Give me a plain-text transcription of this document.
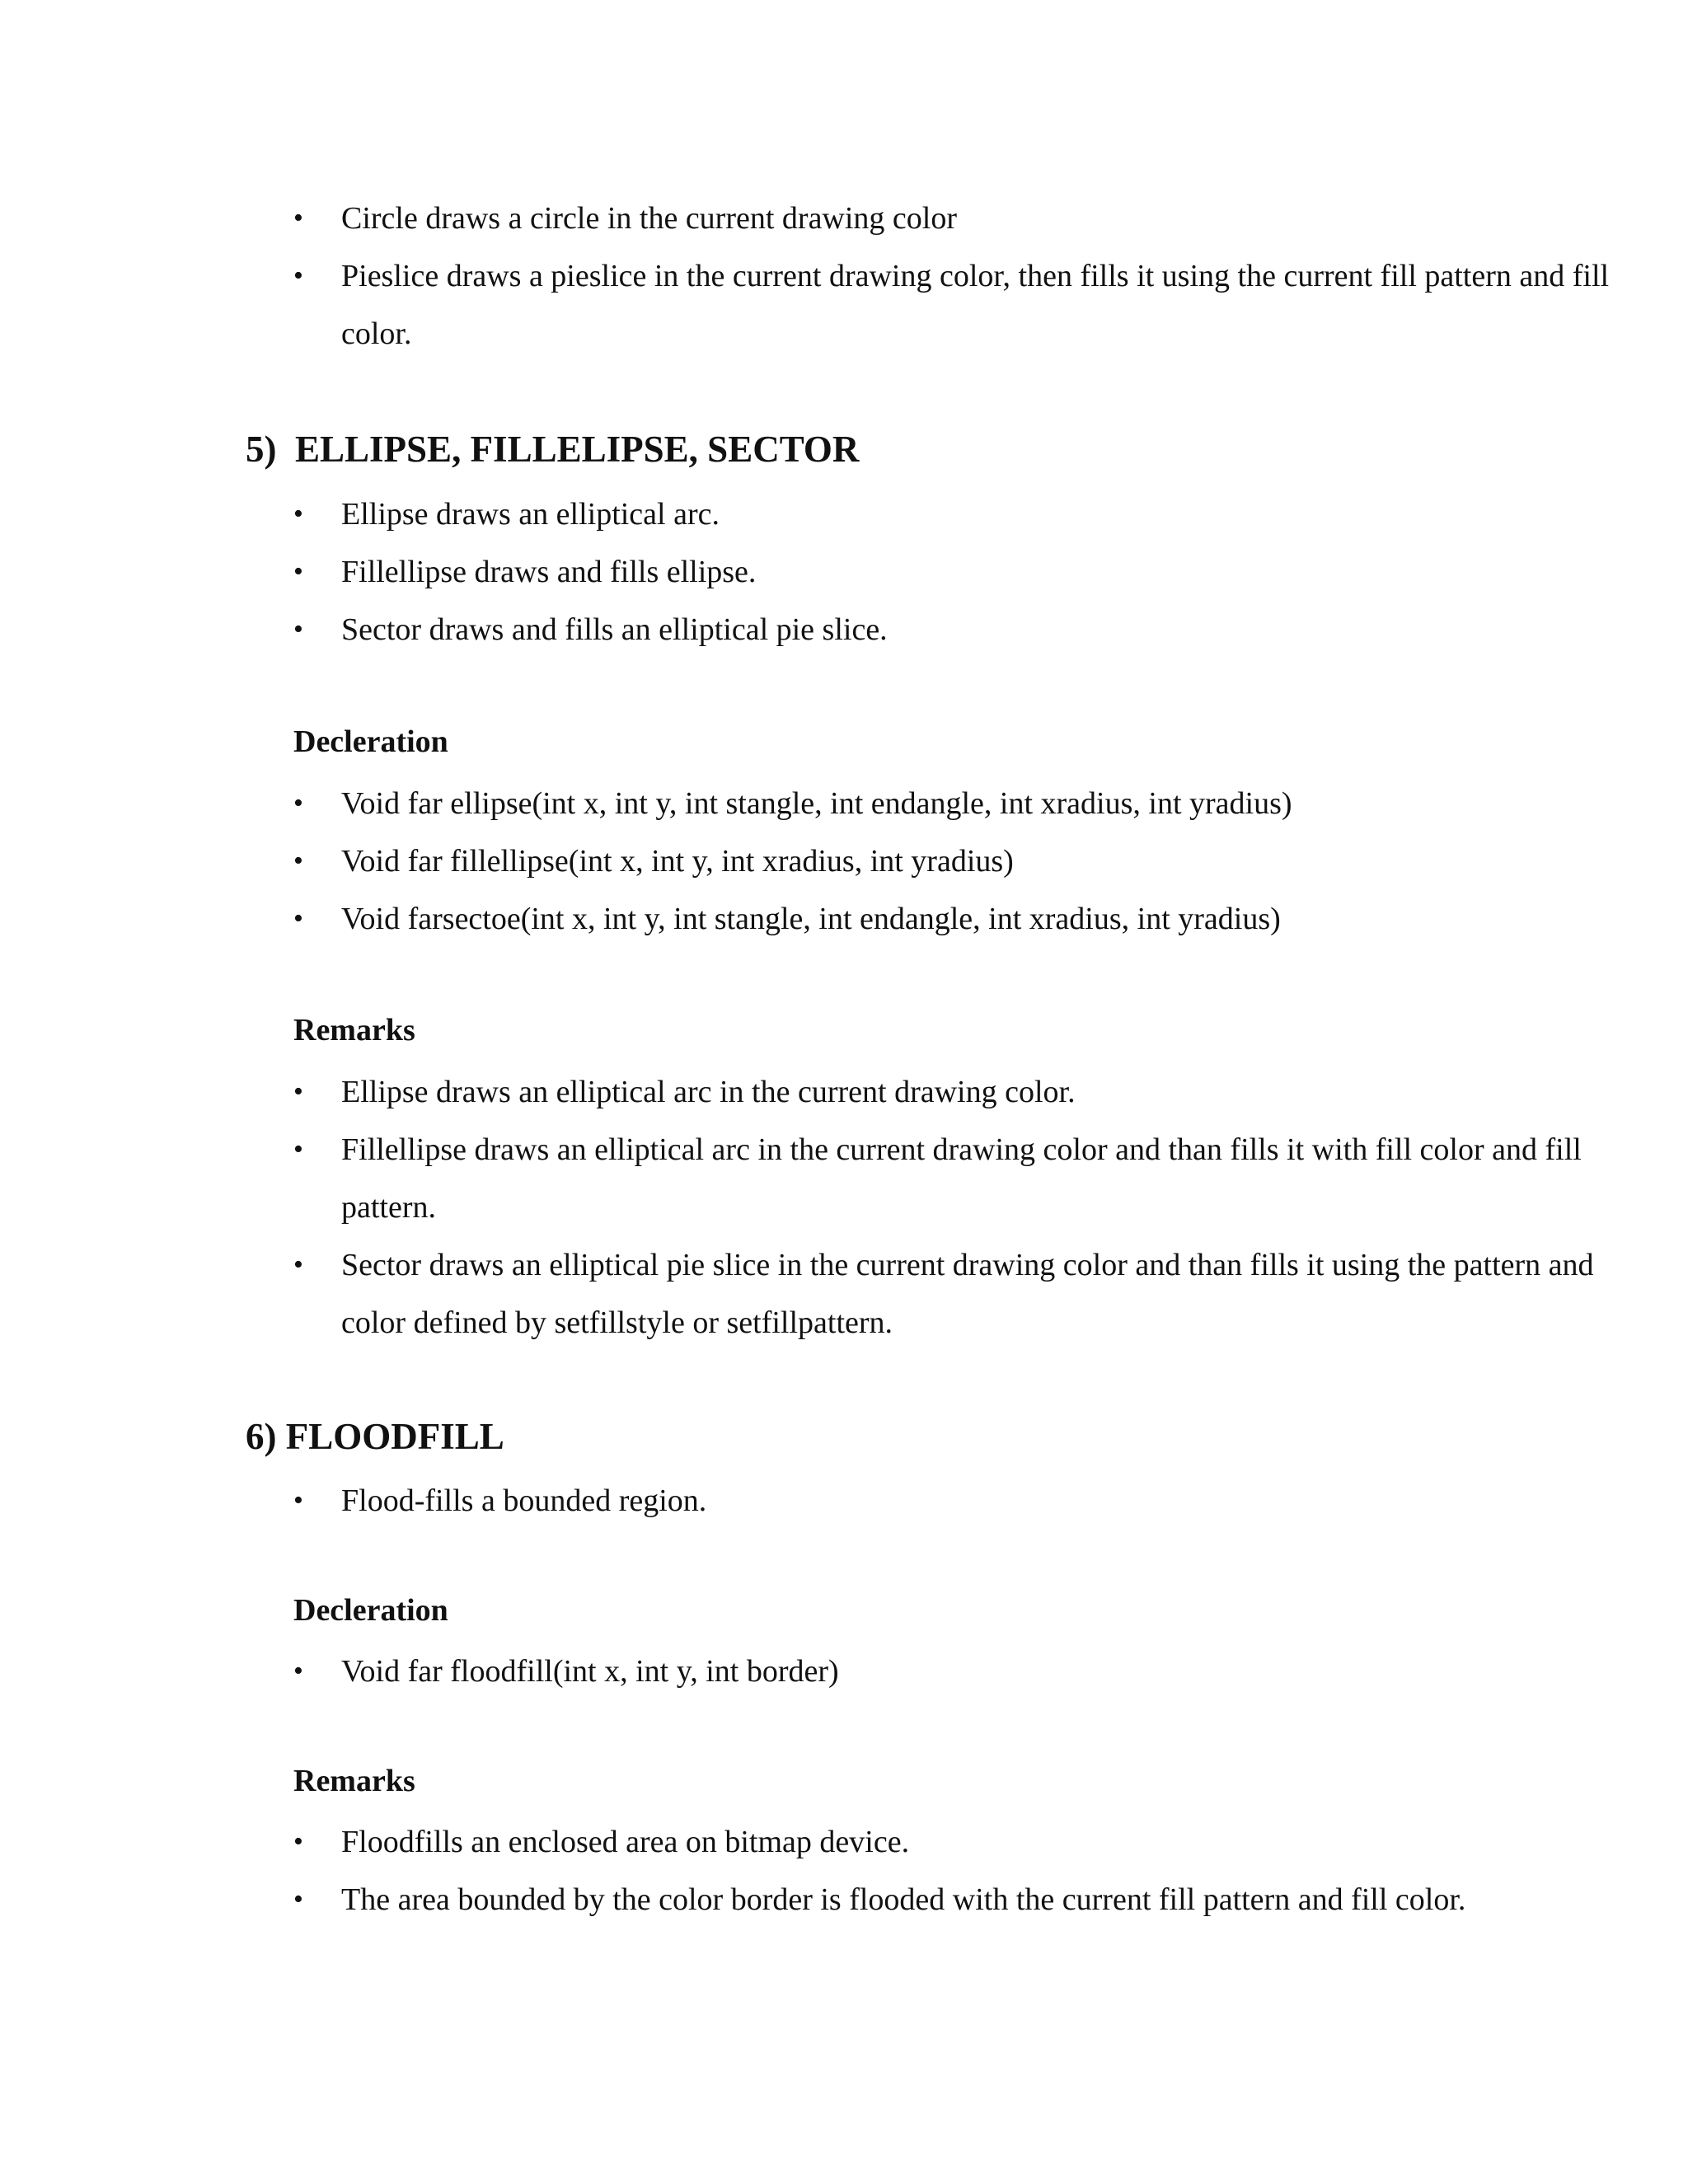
• Circle draws a circle in the current drawing color
• Pieslice draws a pieslice in the current drawing color, then fills it using the current fill pattern and fill color.
5)  ELLIPSE, FILLELIPSE, SECTOR
• Ellipse draws an elliptical arc.
• Fillellipse draws and fills ellipse.
• Sector draws and fills an elliptical pie slice.
Decleration
• Void far ellipse(int x, int y, int stangle, int endangle, int xradius, int yradius)
• Void far fillellipse(int x, int y, int xradius, int yradius)
• Void farsectoe(int x, int y, int stangle, int endangle, int xradius, int yradius)
Remarks
• Ellipse draws an elliptical arc in the current drawing color.
• Fillellipse draws an elliptical arc in the current drawing color and than fills it with fill color and fill pattern.
• Sector draws an elliptical pie slice in the current drawing color and than fills it using the pattern and color defined by setfillstyle or setfillpattern.
6) FLOODFILL
• Flood-fills a bounded region.
Decleration
• Void far floodfill(int x, int y, int border)
Remarks
• Floodfills an enclosed area on bitmap device.
• The area bounded by the color border is flooded with the current fill pattern and fill color.
